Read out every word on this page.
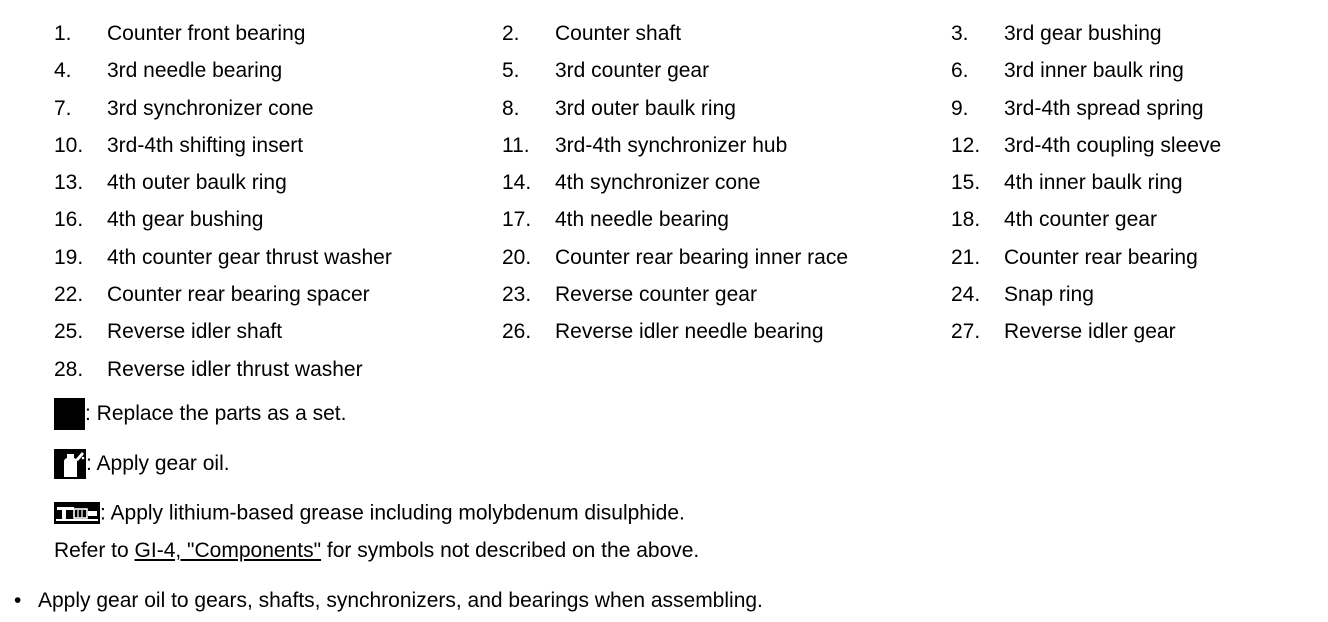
1. Counter front bearing	2. Counter shaft	3. 3rd gear bushing
4. 3rd needle bearing	5. 3rd counter gear	6. 3rd inner baulk ring
7. 3rd synchronizer cone	8. 3rd outer baulk ring	9. 3rd-4th spread spring
10. 3rd-4th shifting insert	11. 3rd-4th synchronizer hub	12. 3rd-4th coupling sleeve
13. 4th outer baulk ring	14. 4th synchronizer cone	15. 4th inner baulk ring
16. 4th gear bushing	17. 4th needle bearing	18. 4th counter gear
19. 4th counter gear thrust washer	20. Counter rear bearing inner race	21. Counter rear bearing
22. Counter rear bearing spacer	23. Reverse counter gear	24. Snap ring
25. Reverse idler shaft	26. Reverse idler needle bearing	27. Reverse idler gear
28. Reverse idler thrust washer
: Replace the parts as a set.
: Apply gear oil.
: Apply lithium-based grease including molybdenum disulphide.
Refer to GI-4, "Components" for symbols not described on the above.
• Apply gear oil to gears, shafts, synchronizers, and bearings when assembling.
